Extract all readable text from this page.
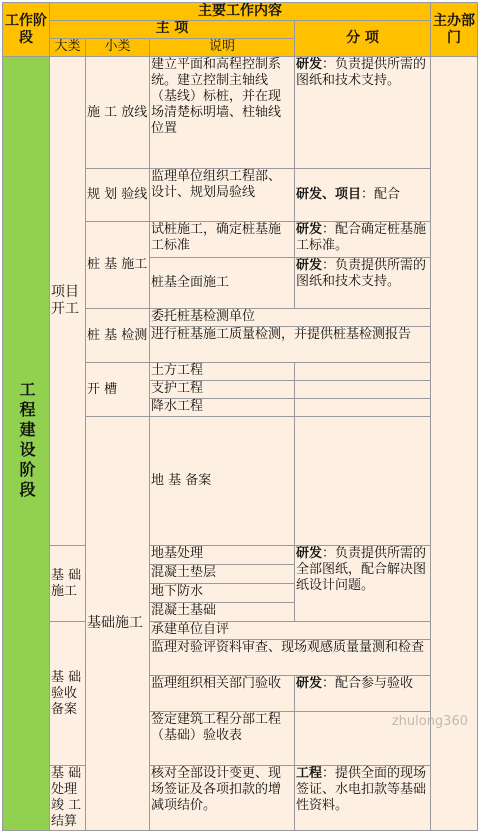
工作阶段	主要工作内容				主办部门	
	主 项			分 项		
	大类	小类	说明			
工程建设阶段	项目开工	施 工 放线	建立平面和高程控制系统。建立控制主轴线（基线）标桩，并在现场清楚标明墙、柱轴线位置	研发：负责提供所需的图纸和技术支持。		
		规 划 验线	监理单位组织工程部、设计、规划局验线	研发、项目：配合		
		桩 基 施工	试桩施工，确定桩基施工标准	研发：配合确定桩基施工标准。		
			桩基全面施工	研发：负责提供所需的图纸和技术支持。		
		桩 基 检测	委托桩基检测单位			
			进行桩基施工质量检测，并提供桩基检测报告			
		开 槽	土方工程			
			支护工程			
			降水工程			
		基础施工	地 基 备案		
	基 础 施工		地基处理	研发：负责提供所需的全部图纸，配合解决图纸设计问题。		
			混凝土垫层			
			地下防水			
			混凝土基础			
	基 础 验收备案		承建单位自评			
			监理对验评资料审查、现场观感质量量测和检查			
			监理组织相关部门验收	研发：配合参与验收		
			签定建筑工程分部工程（基础）验收表			
	基 础 处理 竣 工结算		核对全部设计变更、现场签证及各项扣款的增减项结价。	工程：提供全面的现场签证、水电扣款等基础性资料。		
zhulong360
